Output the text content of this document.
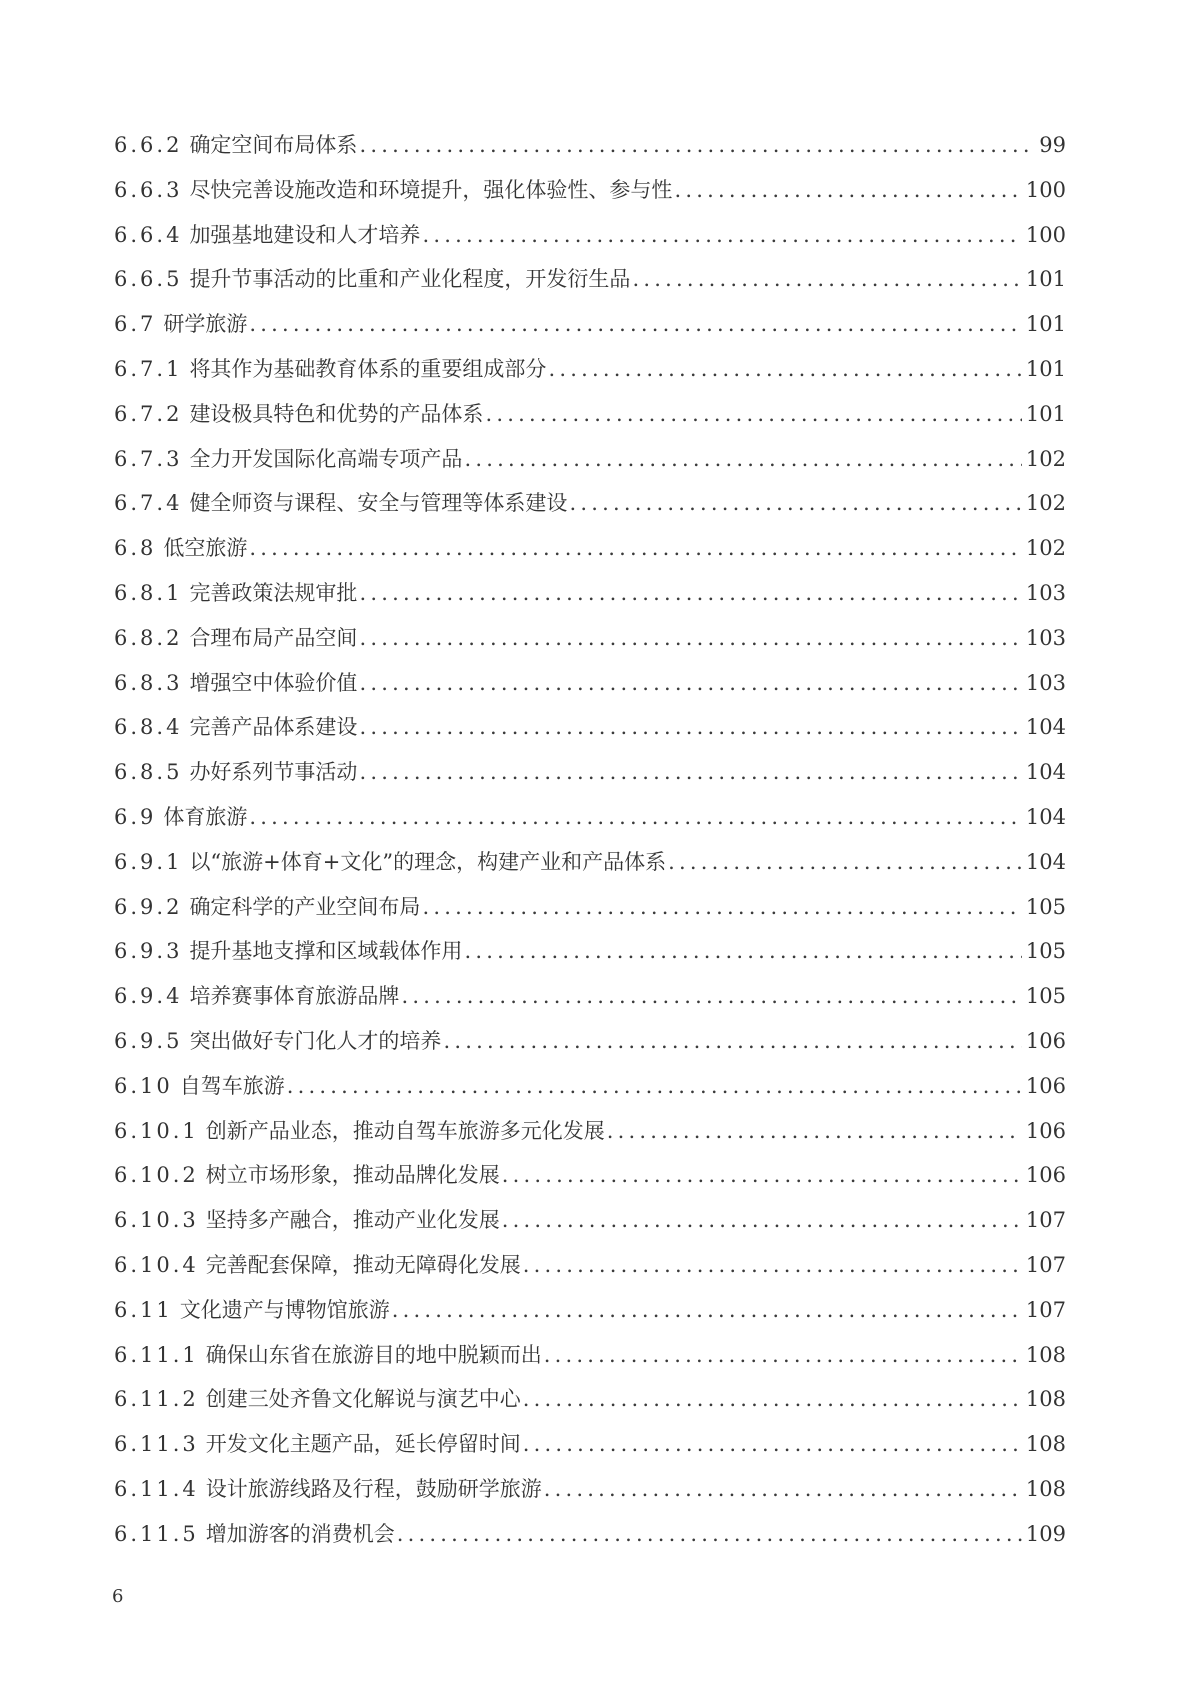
6.6.2 确定空间布局体系 .....	99
6.6.3 尽快完善设施改造和环境提升，强化体验性、参与性 .....	100
6.6.4 加强基地建设和人才培养 .....	100
6.6.5 提升节事活动的比重和产业化程度，开发衍生品 .....	101
6.7 研学旅游 .....	101
6.7.1 将其作为基础教育体系的重要组成部分 .....	101
6.7.2 建设极具特色和优势的产品体系 .....	101
6.7.3 全力开发国际化高端专项产品 .....	102
6.7.4 健全师资与课程、安全与管理等体系建设 .....	102
6.8 低空旅游 .....	102
6.8.1 完善政策法规审批 .....	103
6.8.2 合理布局产品空间 .....	103
6.8.3 增强空中体验价值 .....	103
6.8.4 完善产品体系建设 .....	104
6.8.5 办好系列节事活动 .....	104
6.9 体育旅游 .....	104
6.9.1 以“旅游+体育+文化”的理念，构建产业和产品体系 .....	104
6.9.2 确定科学的产业空间布局 .....	105
6.9.3 提升基地支撑和区域载体作用 .....	105
6.9.4 培养赛事体育旅游品牌 .....	105
6.9.5 突出做好专门化人才的培养 .....	106
6.10 自驾车旅游 .....	106
6.10.1 创新产品业态，推动自驾车旅游多元化发展 .....	106
6.10.2 树立市场形象，推动品牌化发展 .....	106
6.10.3 坚持多产融合，推动产业化发展 .....	107
6.10.4 完善配套保障，推动无障碍化发展 .....	107
6.11 文化遗产与博物馆旅游 .....	107
6.11.1 确保山东省在旅游目的地中脱颖而出 .....	108
6.11.2 创建三处齐鲁文化解说与演艺中心 .....	108
6.11.3 开发文化主题产品，延长停留时间 .....	108
6.11.4 设计旅游线路及行程，鼓励研学旅游 .....	108
6.11.5 增加游客的消费机会 .....	109
6
